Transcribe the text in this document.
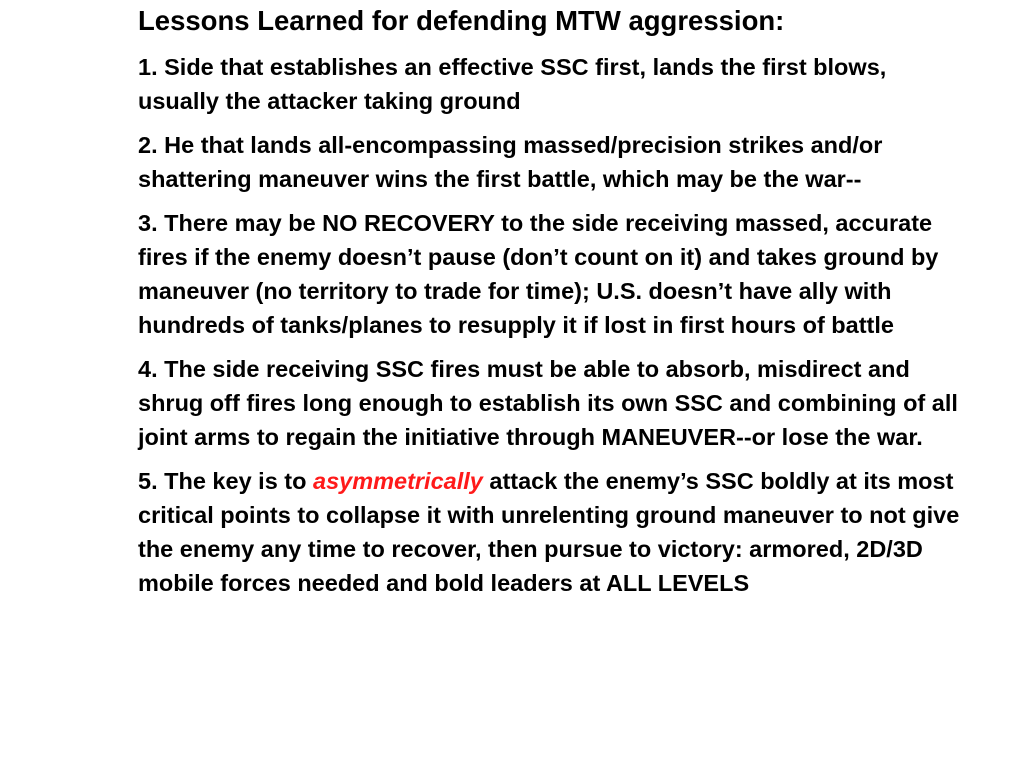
Lessons Learned for defending MTW aggression:

1. Side that establishes an effective SSC first, lands the first blows, usually the attacker taking ground

2. He that lands all-encompassing massed/precision strikes and/or shattering maneuver wins the first battle, which may be the war--

3. There may be NO RECOVERY to the side receiving massed, accurate fires if the enemy doesn’t pause (don’t count on it) and takes ground by maneuver (no territory to trade for time); U.S. doesn’t have ally with hundreds of tanks/planes to resupply it if lost in first hours of battle

4. The side receiving SSC fires must be able to absorb, misdirect and shrug off fires long enough to establish its own SSC and combining of all joint arms to regain the initiative through MANEUVER--or lose the war.

5. The key is to asymmetrically attack the enemy’s SSC boldly at its most critical points to collapse it with unrelenting ground maneuver to not give the enemy any time to recover, then pursue to victory: armored, 2D/3D mobile forces needed and bold leaders at ALL LEVELS
